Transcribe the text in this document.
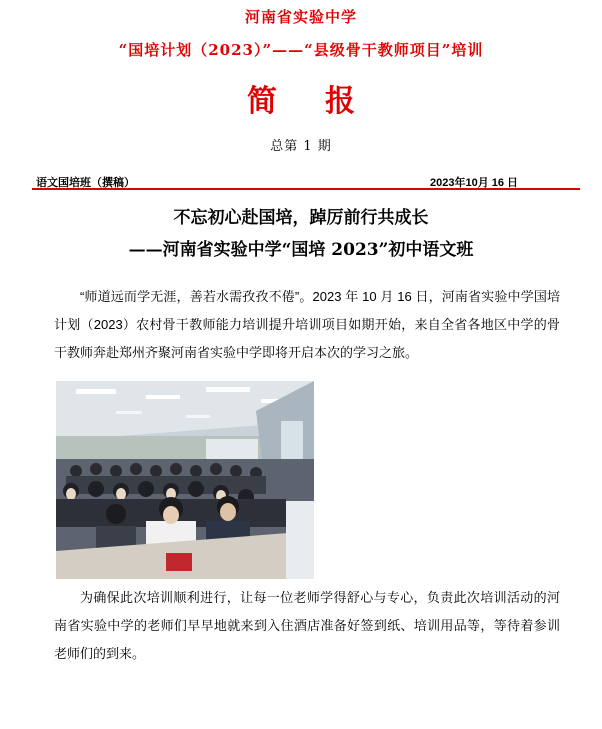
河南省实验中学
“国培计划（2023）”——“县级骨干教师项目”培训
简 报
总第 1 期
语文国培班（撰稿）	2023年10月 16 日
不忘初心赴国培，踔厉前行共成长
——河南省实验中学“国培 2023”初中语文班

“师道远而学无涯，善若水需孜孜不倦”。2023 年 10 月 16 日，河南省实验中学国培计划（2023）农村骨干教师能力培训提升培训项目如期开始，来自全省各地区中学的骨干教师奔赴郑州齐聚河南省实验中学即将开启本次的学习之旅。

为确保此次培训顺利进行，让每一位老师学得舒心与专心，负责此次培训活动的河南省实验中学的老师们早早地就来到入住酒店准备好签到纸、培训用品等，等待着参训老师们的到来。
